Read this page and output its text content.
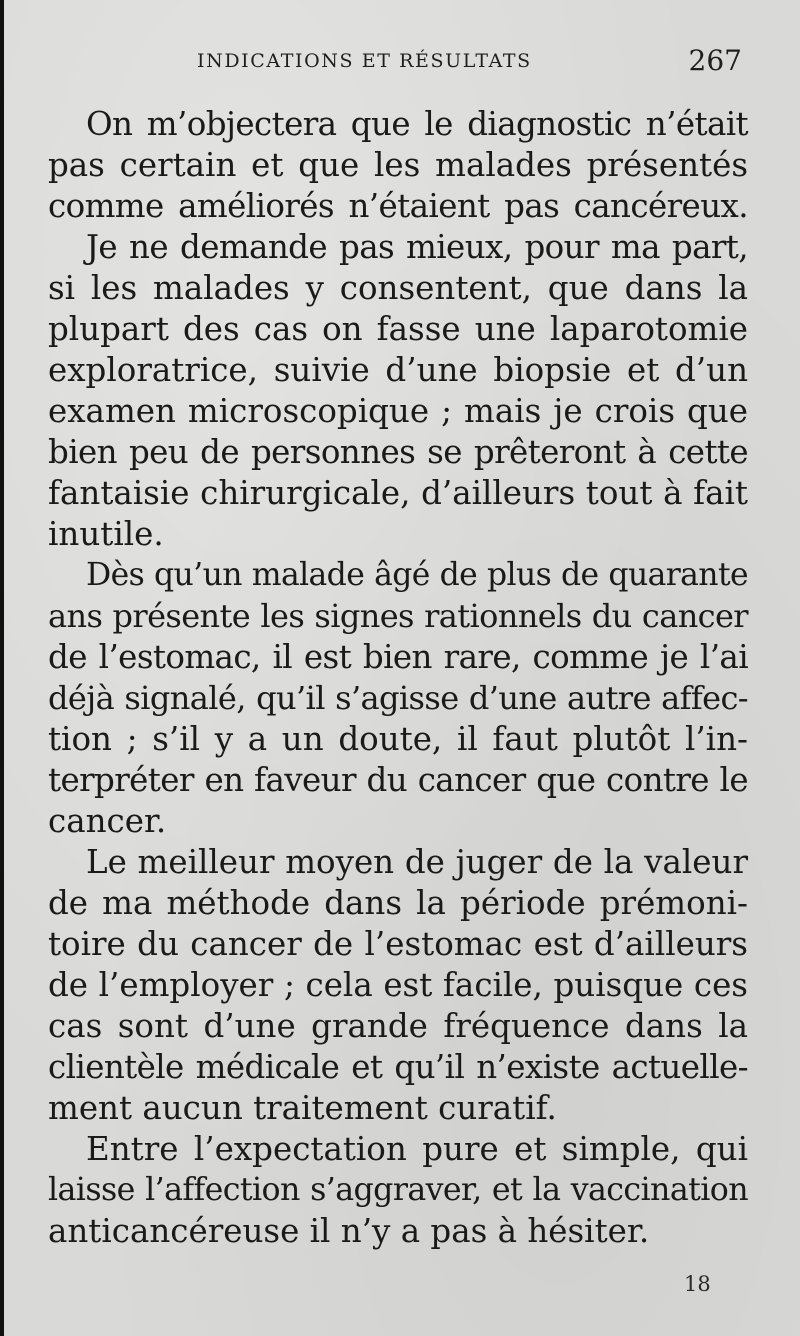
INDICATIONS ET RÉSULTATS	267

On m’objectera que le diagnostic n’était
pas certain et que les malades présentés
comme améliorés n’étaient pas cancéreux.

Je ne demande pas mieux, pour ma part,
si les malades y consentent, que dans la
plupart des cas on fasse une laparotomie
exploratrice, suivie d’une biopsie et d’un
examen microscopique ; mais je crois que
bien peu de personnes se prêteront à cette
fantaisie chirurgicale, d’ailleurs tout à fait
inutile.

Dès qu’un malade âgé de plus de quarante
ans présente les signes rationnels du cancer
de l’estomac, il est bien rare, comme je l’ai
déjà signalé, qu’il s’agisse d’une autre affec-
tion ; s’il y a un doute, il faut plutôt l’in-
terpréter en faveur du cancer que contre le
cancer.

Le meilleur moyen de juger de la valeur
de ma méthode dans la période prémoni-
toire du cancer de l’estomac est d’ailleurs
de l’employer ; cela est facile, puisque ces
cas sont d’une grande fréquence dans la
clientèle médicale et qu’il n’existe actuelle-
ment aucun traitement curatif.

Entre l’expectation pure et simple, qui
laisse l’affection s’aggraver, et la vaccination
anticancéreuse il n’y a pas à hésiter.

18
